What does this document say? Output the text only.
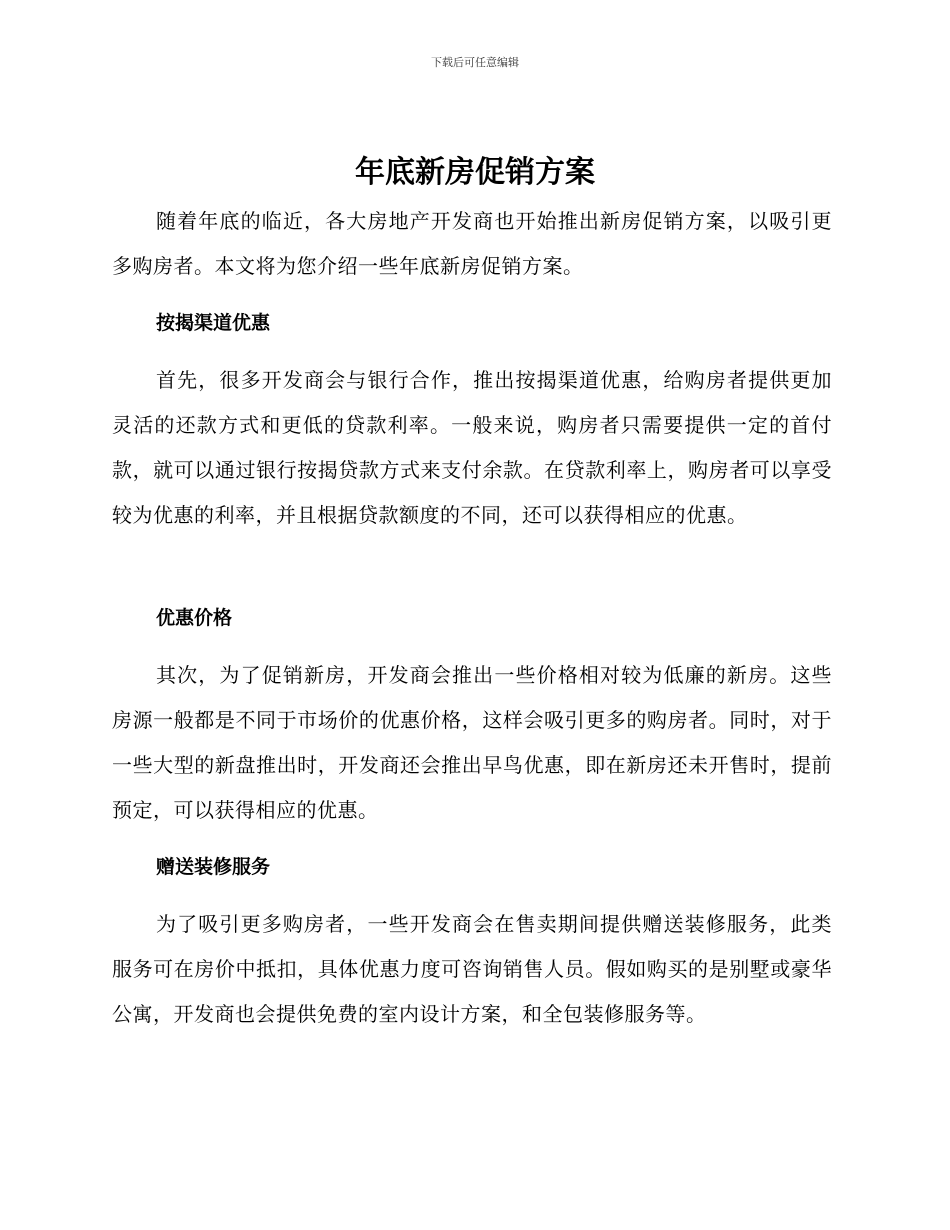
下载后可任意编辑
年底新房促销方案

随着年底的临近，各大房地产开发商也开始推出新房促销方案，以吸引更多购房者。本文将为您介绍一些年底新房促销方案。

按揭渠道优惠

首先，很多开发商会与银行合作，推出按揭渠道优惠，给购房者提供更加灵活的还款方式和更低的贷款利率。一般来说，购房者只需要提供一定的首付款，就可以通过银行按揭贷款方式来支付余款。在贷款利率上，购房者可以享受较为优惠的利率，并且根据贷款额度的不同，还可以获得相应的优惠。

优惠价格

其次，为了促销新房，开发商会推出一些价格相对较为低廉的新房。这些房源一般都是不同于市场价的优惠价格，这样会吸引更多的购房者。同时，对于一些大型的新盘推出时，开发商还会推出早鸟优惠，即在新房还未开售时，提前预定，可以获得相应的优惠。

赠送装修服务

为了吸引更多购房者，一些开发商会在售卖期间提供赠送装修服务，此类服务可在房价中抵扣，具体优惠力度可咨询销售人员。假如购买的是别墅或豪华公寓，开发商也会提供免费的室内设计方案，和全包装修服务等。
